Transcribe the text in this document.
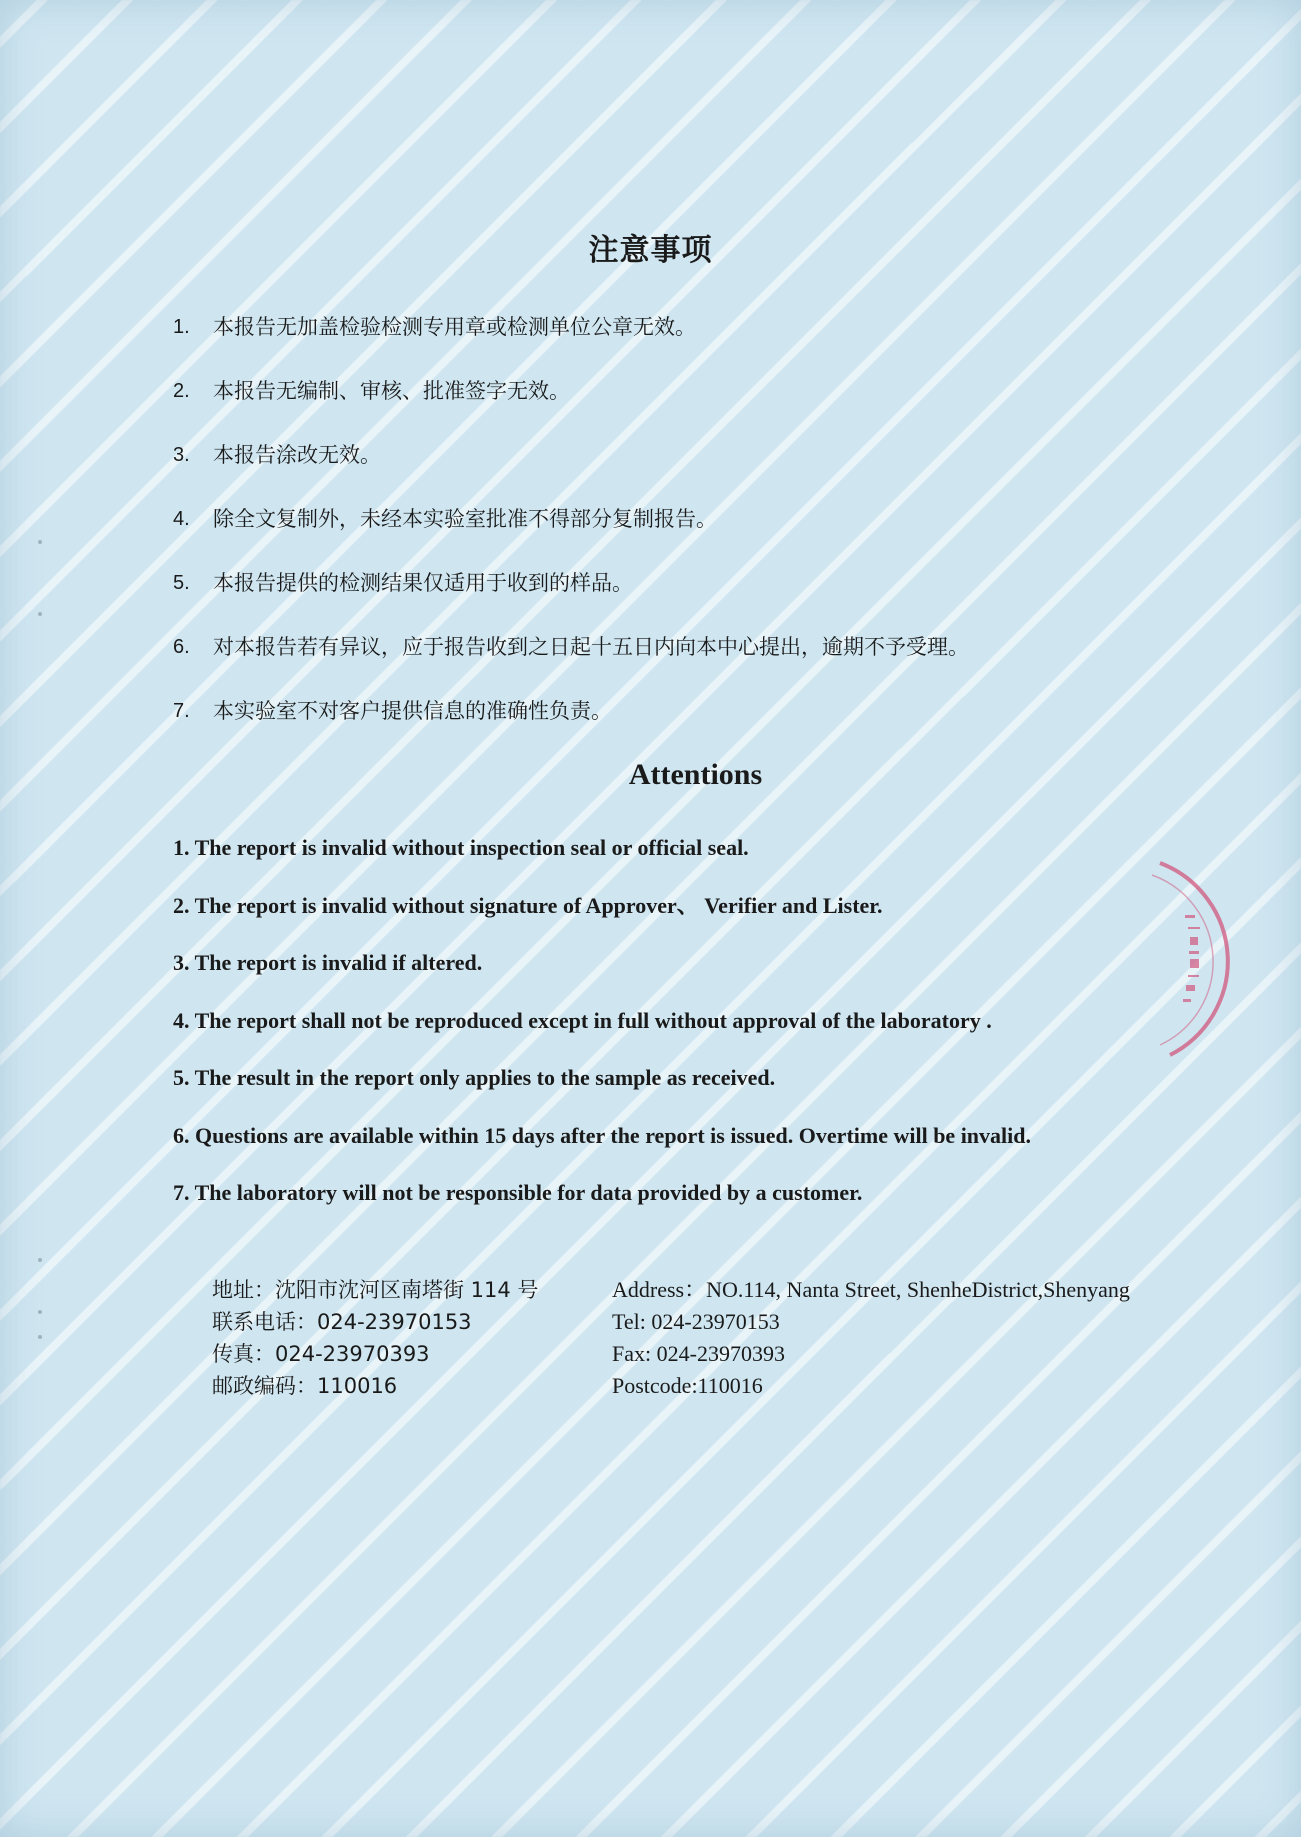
注意事项
1.	本报告无加盖检验检测专用章或检测单位公章无效。
2.	本报告无编制、审核、批准签字无效。
3.	本报告涂改无效。
4.	除全文复制外，未经本实验室批准不得部分复制报告。
5.	本报告提供的检测结果仅适用于收到的样品。
6.	对本报告若有异议，应于报告收到之日起十五日内向本中心提出，逾期不予受理。
7.	本实验室不对客户提供信息的准确性负责。
Attentions
1. The report is invalid without inspection seal or official seal.
2. The report is invalid without signature of Approver、 Verifier and Lister.
3. The report is invalid if altered.
4. The report shall not be reproduced except in full without approval of the laboratory .
5. The result in the report only applies to the sample as received.
6. Questions are available within 15 days after the report is issued. Overtime will be invalid.
7. The laboratory will not be responsible for data provided by a customer.
地址：沈阳市沈河区南塔街 114 号
联系电话：024-23970153
传真：024-23970393
邮政编码：110016
Address：NO.114, Nanta Street, ShenheDistrict,Shenyang
Tel: 024-23970153
Fax: 024-23970393
Postcode:110016
